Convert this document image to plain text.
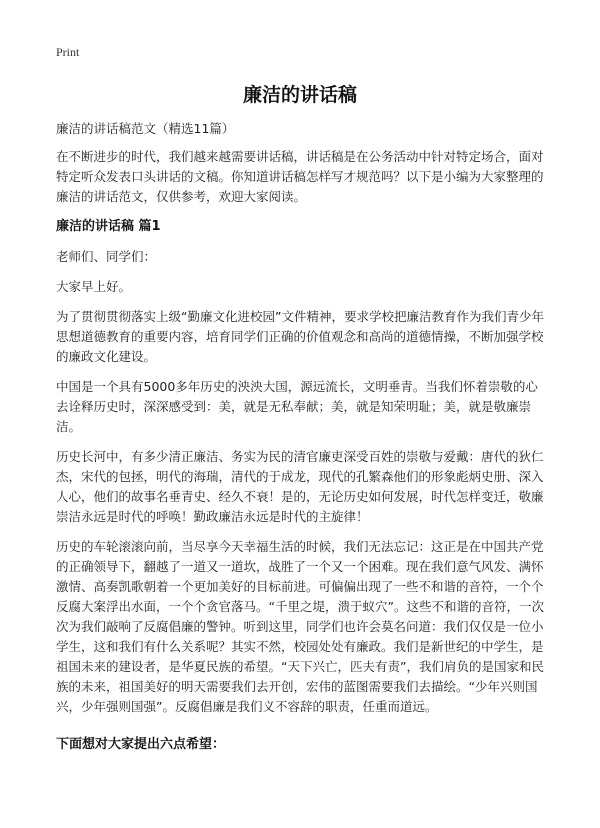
Print
廉洁的讲话稿

廉洁的讲话稿范文（精选11篇）

在不断进步的时代，我们越来越需要讲话稿，讲话稿是在公务活动中针对特定场合，面对特定听众发表口头讲话的文稿。你知道讲话稿怎样写才规范吗？以下是小编为大家整理的廉洁的讲话范文，仅供参考，欢迎大家阅读。

廉洁的讲话稿 篇1

老师们、同学们：

大家早上好。

为了贯彻贯彻落实上级“勤廉文化进校园”文件精神，要求学校把廉洁教育作为我们青少年思想道德教育的重要内容，培育同学们正确的价值观念和高尚的道德情操，不断加强学校的廉政文化建设。

中国是一个具有5000多年历史的泱泱大国，源远流长，文明垂青。当我们怀着崇敬的心去诠释历史时，深深感受到：美，就是无私奉献；美，就是知荣明耻；美，就是敬廉崇洁。

历史长河中，有多少清正廉洁、务实为民的清官廉吏深受百姓的崇敬与爱戴：唐代的狄仁杰，宋代的包拯，明代的海瑞，清代的于成龙，现代的孔繁森他们的形象彪炳史册、深入人心，他们的故事名垂青史、经久不衰！是的，无论历史如何发展，时代怎样变迁，敬廉崇洁永远是时代的呼唤！勤政廉洁永远是时代的主旋律！

历史的车轮滚滚向前，当尽享今天幸福生活的时候，我们无法忘记：这正是在中国共产党的正确领导下，翻越了一道又一道坎，战胜了一个又一个困难。现在我们意气风发、满怀激情、高奏凯歌朝着一个更加美好的目标前进。可偏偏出现了一些不和谐的音符，一个个反腐大案浮出水面，一个个贪官落马。“千里之堤，溃于蚁穴”。这些不和谐的音符，一次次为我们敲响了反腐倡廉的警钟。听到这里，同学们也许会莫名问道：我们仅仅是一位小学生，这和我们有什么关系呢？其实不然，校园处处有廉政。我们是新世纪的中学生，是祖国未来的建设者，是华夏民族的希望。“天下兴亡，匹夫有责”，我们肩负的是国家和民族的未来，祖国美好的明天需要我们去开创，宏伟的蓝图需要我们去描绘。“少年兴则国兴，少年强则国强”。反腐倡廉是我们义不容辞的职责，任重而道远。

下面想对大家提出六点希望：
